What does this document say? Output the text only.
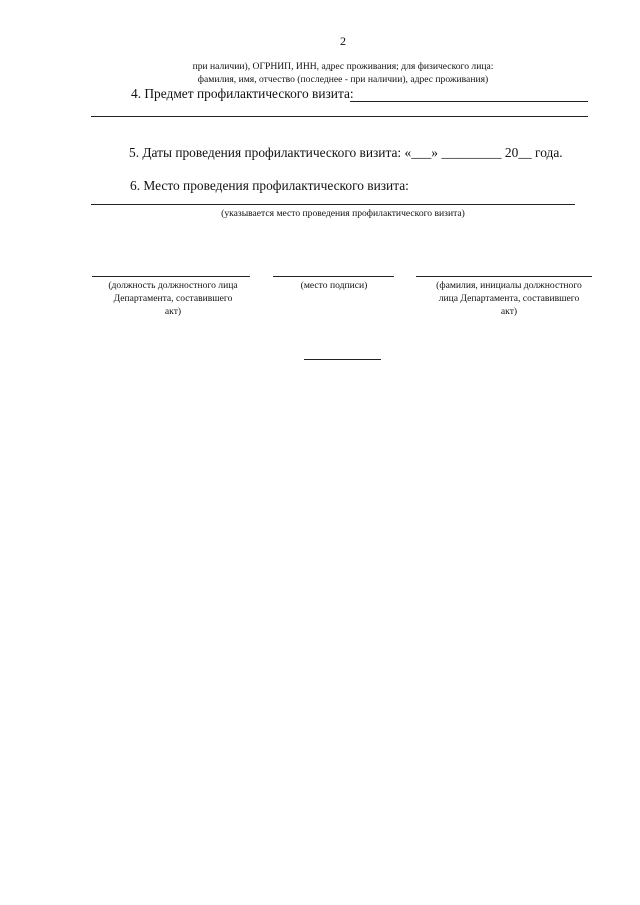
2
при наличии), ОГРНИП, ИНН, адрес проживания; для физического лица:
фамилия, имя, отчество (последнее - при наличии), адрес проживания)
4. Предмет профилактического визита:
5. Даты проведения профилактического визита: «___» _________ 20__ года.
6. Место проведения профилактического визита:
(указывается место проведения профилактического визита)
(должность должностного лица
Департамента, составившего
акт)
(место подписи)	(фамилия, инициалы должностного
лица Департамента, составившего
акт)
